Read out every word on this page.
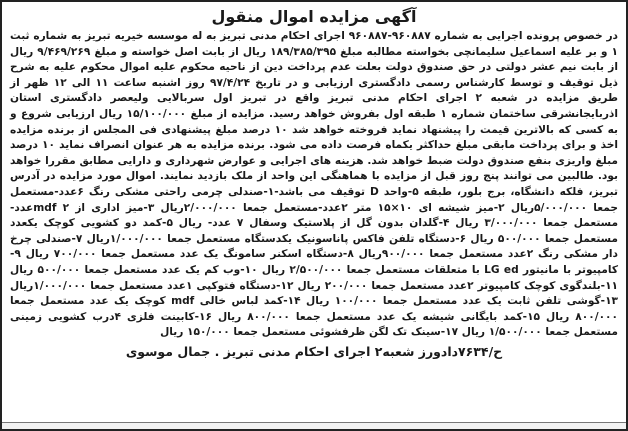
آگهی مزایده اموال منقول

در خصوص پرونده اجرایی به شماره ۹۶۰۸۸۷-۹۶۰۸۸۷ اجرای احکام مدنی تبریز به له موسسه خیریه تبریز به شماره ثبت ۱ و بر علیه اسماعیل سلیمانچی بخواسته مطالبه مبلغ ۱۸۹/۳۸۵/۳۹۵ ریال از بابت اصل خواسته و مبلغ ۹/۴۶۹/۲۶۹ ریال از بابت نیم عشر دولتی در حق صندوق دولت بعلت عدم پرداخت دین از ناحیه محکوم علیه اموال محکوم علیه به شرح ذیل توقیف و توسط کارشناس رسمی دادگستری ارزیابی و در تاریخ ۹۷/۴/۲۴ روز اشنبه ساعت ۱۱ الی ۱۲ ظهر از طریق مزایده در شعبه ۲ اجرای احکام مدنی تبریز واقع در تبریز اول سربالایی ولیعصر دادگستری استان اذربایجانشرقی ساختمان شماره ۱ طبقه اول بفروش خواهد رسید. مزایده از مبلغ ۱۵/۱۰۰/۰۰۰ ریال ارزیابی شروع و به کسی که بالاترین قیمت را پیشنهاد نماید فروخته خواهد شد ۱۰ درصد مبلغ پیشنهادی فی المجلس از برنده مزایده اخذ و برای پرداخت مابقی مبلغ حداکثر یکماه فرصت داده می شود. برنده مزایده به هر عنوان انصراف نماید ۱۰ درصد مبلغ واریزی بنفع صندوق دولت ضبط خواهد شد. هزینه های اجرایی و عوارض شهرداری و دارایی مطابق مقررا خواهد بود. طالبین می توانند پنج روز قبل از مزایده با هماهنگی این واحد از ملک بازدید نمایند. اموال مورد مزایده در آدرس تبریز، فلکه دانشگاه، برج بلور، طبقه ۵-واحد D توقیف می باشد-۱-صندلی چرمی راحتی مشکی رنگ ۶عدد-مستعمل جمعا ۵/۰۰۰/۰۰۰ریال ۲-میز شیشه ای ۱۰×۱۵ متر ۲عدد-مستعمل جمعا ۲/۰۰۰/۰۰۰ریال ۳-میز اداری از mdf ۲عدد- مستعمل جمعا ۳/۰۰۰/۰۰۰ ریال ۴-گلدان بدون گل از پلاستیک وسفال ۷ عدد- ریال ۵-کمد دو کشویی کوچک یکعدد مستعمل جمعا ۵۰۰/۰۰۰ ریال ۶-دستگاه تلفن فاکس پاناسونیک یکدستگاه مستعمل جمعا ۱/۰۰۰/۰۰۰ریال ۷-صندلی چرخ دار مشکی رنگ ۲عدد مستعمل جمعا ۹۰۰/۰۰۰ریال ۸-دستگاه اسکنر سامونگ یک عدد مستعمل جمعا ۷۰۰/۰۰۰ ریال ۹-کامپیوتر با مانیتور LG ed با متعلقات مستعمل جمعا ۲/۵۰۰/۰۰۰ ریال ۱۰-وب کم یک عدد مستعمل جمعا ۵۰۰/۰۰۰ ریال ۱۱-بلندگوی کوچک کامپیوتر ۲عدد مستعمل جمعا ۲۰۰/۰۰۰ ریال ۱۲-دستگاه فتوکپی ۱عدد مستعمل جمعا ۱/۰۰۰/۰۰۰ریال ۱۳-گوشی تلفن ثابت یک عدد مستعمل جمعا ۱۰۰/۰۰۰ ریال ۱۴-کمد لباس خالی mdf کوچک یک عدد مستعمل جمعا ۸۰۰/۰۰۰ ریال ۱۵-کمد بایگانی شیشه یک عدد مستعمل جمعا ۸۰۰/۰۰۰ ریال ۱۶-کابینت فلزی ۴درب کشویی زمینی مستعمل جمعا ۱/۵۰۰/۰۰۰ ریال ۱۷-سینک تک لگن ظرفشوئی مستعمل جمعا ۱۵۰/۰۰۰ ریال

ح/۷۶۳۴دادورز شعبه۲ اجرای احکام مدنی تبریز . جمال موسوی
